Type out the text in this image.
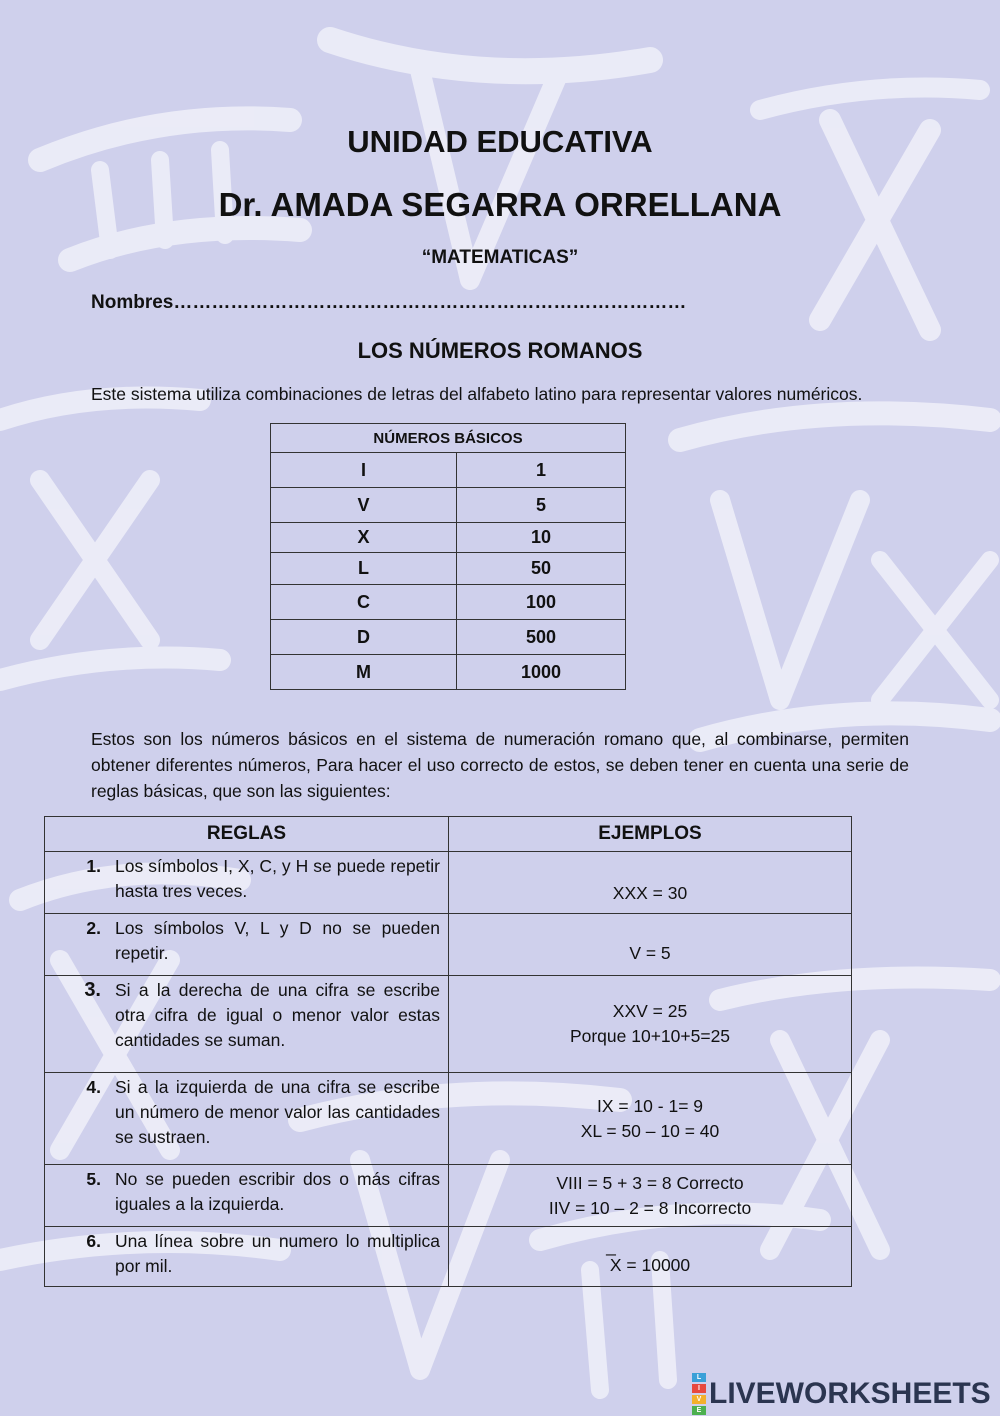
UNIDAD EDUCATIVA
Dr. AMADA SEGARRA ORRELLANA
“MATEMATICAS”
Nombres………………………………………………………………………
LOS NÚMEROS ROMANOS
Este sistema utiliza combinaciones de letras del alfabeto latino para representar valores numéricos.
NÚMEROS BÁSICOS	
I	1
V	5
X	10
L	50
C	100
D	500
M	1000
Estos son los números básicos en el sistema de numeración romano que, al combinarse, permiten obtener diferentes números, Para hacer el uso correcto de estos, se deben tener en cuenta una serie de reglas básicas, que son las siguientes:
REGLAS	EJEMPLOS

1. Los símbolos I, X, C, y H se puede repetir hasta tres veces.	XXX = 30

2. Los símbolos V, L y D no se pueden repetir.	V = 5

3. Si a la derecha de una cifra se escribe otra cifra de igual o menor valor estas cantidades se suman.	XXV = 25
Porque 10+10+5=25

4. Si a la izquierda de una cifra se escribe un número de menor valor las cantidades se sustraen.	IX = 10 - 1= 9
XL = 50 – 10 = 40

5. No se pueden escribir dos o más cifras iguales a la izquierda.	VIII = 5 + 3 = 8 Correcto
IIV = 10 – 2 = 8 Incorrecto

6. Una línea sobre un numero lo multiplica por mil.	_
X = 10000
L
I
V
E
LIVEWORKSHEETS
